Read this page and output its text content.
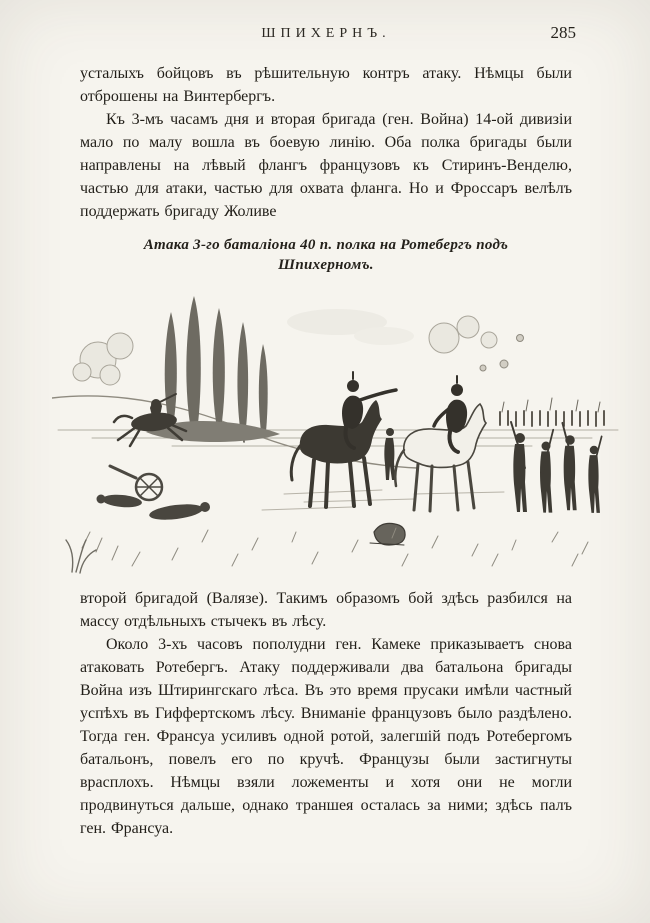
ШПИХЕРНЪ.	285

усталыхъ бойцовъ въ рѣшительную контръ атаку. Нѣмцы были отброшены на Винтербергъ.

Къ 3-мъ часамъ дня и вторая бригада (ген. Война) 14-ой дивизіи мало по малу вошла въ боевую линію. Оба полка бригады были направлены на лѣвый флангъ французовъ къ Стиринъ-Венделю, частью для атаки, частью для охвата фланга. Но и Фроссаръ велѣлъ поддержать бригаду Жоливе

Атака 3-го баталіона 40 п. полка на Ротебергъ подъ Шпихерномъ.

второй бригадой (Валязе). Такимъ образомъ бой здѣсь разбился на массу отдѣльныхъ стычекъ въ лѣсу.

Около 3-хъ часовъ пополудни ген. Камеке приказываетъ снова атаковать Ротебергъ. Атаку поддерживали два батальона бригады Война изъ Штирингскаго лѣса. Въ это время прусаки имѣли частный успѣхъ въ Гиффертскомъ лѣсу. Вниманіе французовъ было раздѣлено. Тогда ген. Франсуа усиливъ одной ротой, залегшій подъ Ротебергомъ батальонъ, повелъ его по кручѣ. Французы были застигнуты врасплохъ. Нѣмцы взяли ложементы и хотя они не могли продвинуться дальше, однако траншея осталась за ними; здѣсь палъ ген. Франсуа.
